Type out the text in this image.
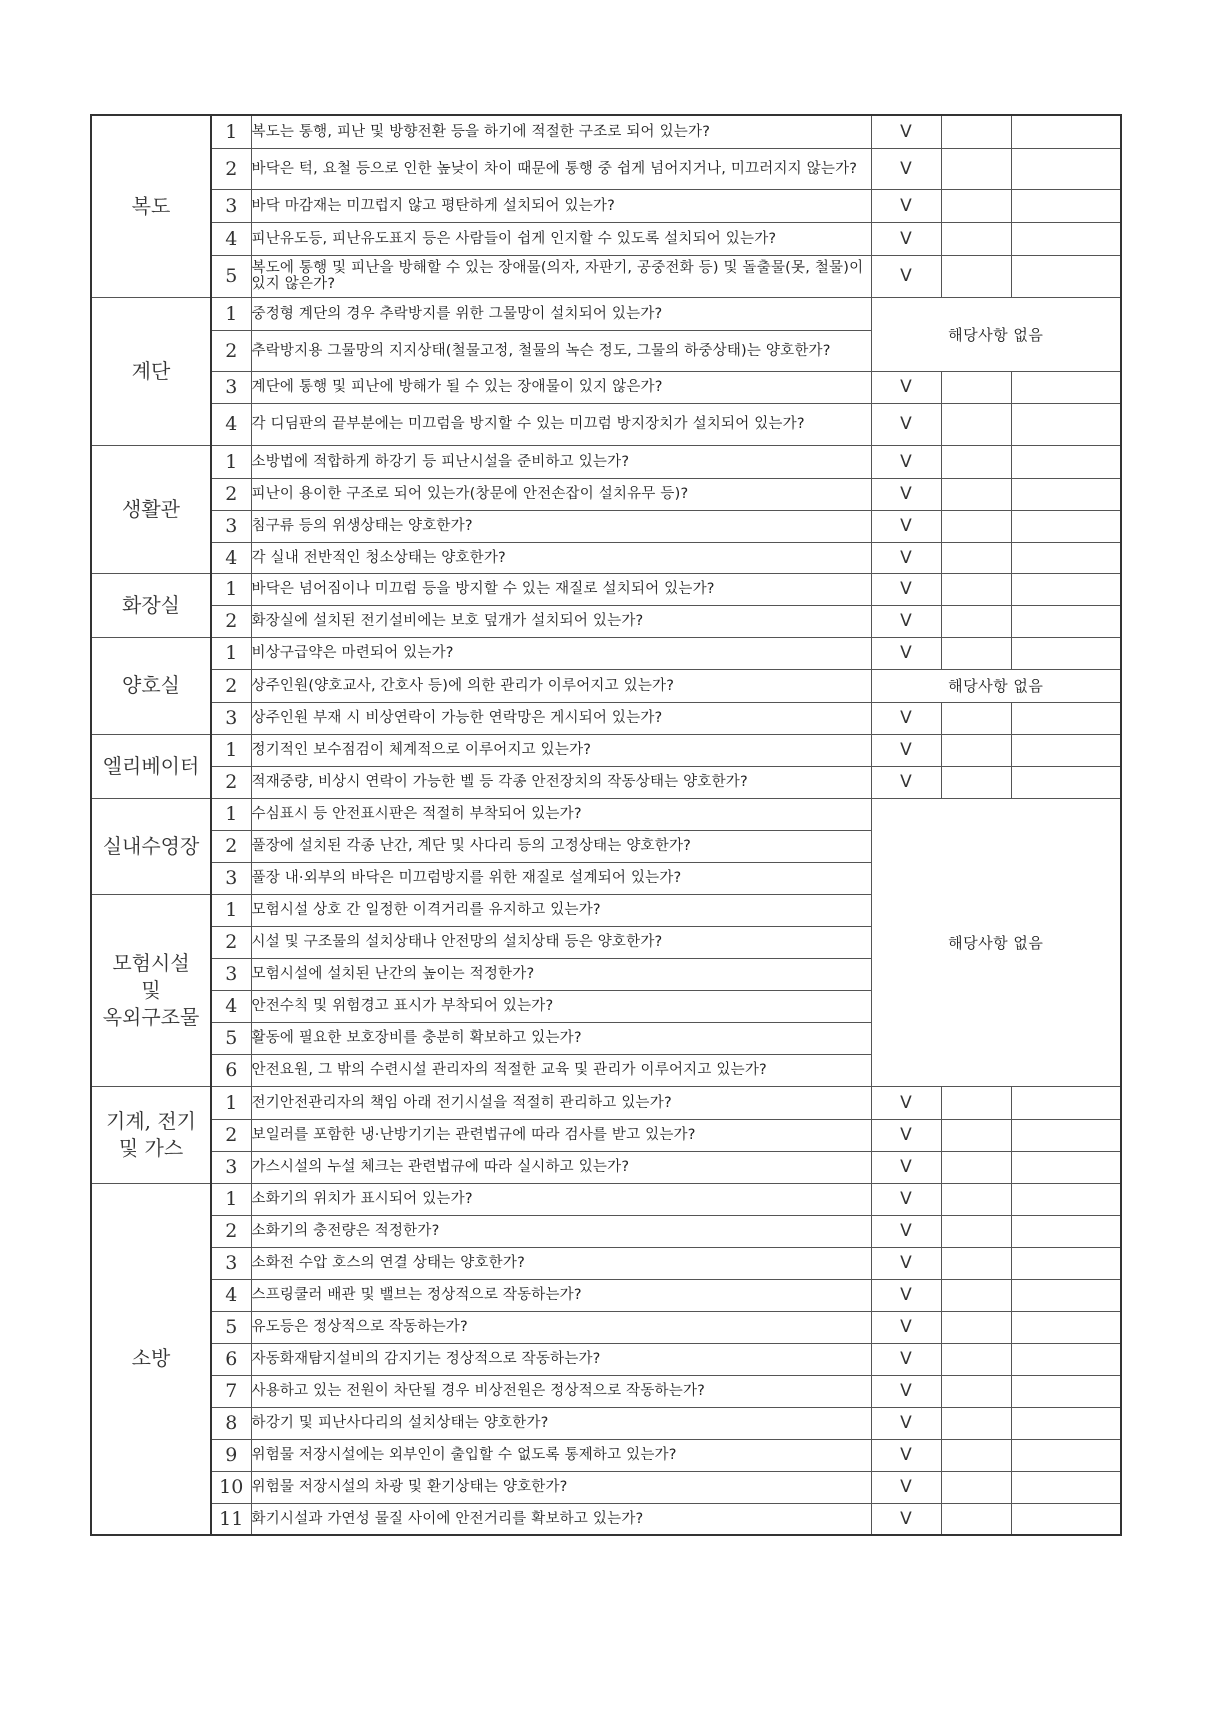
복도	1	복도는 통행, 피난 및 방향전환 등을 하기에 적절한 구조로 되어 있는가?	V		
	2	바닥은 턱, 요철 등으로 인한 높낮이 차이 때문에 통행 중 쉽게 넘어지거나, 미끄러지지 않는가?	V		
	3	바닥 마감재는 미끄럽지 않고 평탄하게 설치되어 있는가?	V		
	4	피난유도등, 피난유도표지 등은 사람들이 쉽게 인지할 수 있도록 설치되어 있는가?	V		
	5	복도에 통행 및 피난을 방해할 수 있는 장애물(의자, 자판기, 공중전화 등) 및 돌출물(못, 철물)이 있지 않은가?	V		
계단	1	중정형 계단의 경우 추락방지를 위한 그물망이 설치되어 있는가?	해당사항 없음		
	2	추락방지용 그물망의 지지상태(철물고정, 철물의 녹슨 정도, 그물의 하중상태)는 양호한가?			
	3	계단에 통행 및 피난에 방해가 될 수 있는 장애물이 있지 않은가?	V		
	4	각 디딤판의 끝부분에는 미끄럼을 방지할 수 있는 미끄럼 방지장치가 설치되어 있는가?	V		
생활관	1	소방법에 적합하게 하강기 등 피난시설을 준비하고 있는가?	V		
	2	피난이 용이한 구조로 되어 있는가(창문에 안전손잡이 설치유무 등)?	V		
	3	침구류 등의 위생상태는 양호한가?	V		
	4	각 실내 전반적인 청소상태는 양호한가?	V		
화장실	1	바닥은 넘어짐이나 미끄럼 등을 방지할 수 있는 재질로 설치되어 있는가?	V		
	2	화장실에 설치된 전기설비에는 보호 덮개가 설치되어 있는가?	V		
양호실	1	비상구급약은 마련되어 있는가?	V		
	2	상주인원(양호교사, 간호사 등)에 의한 관리가 이루어지고 있는가?	해당사항 없음		
	3	상주인원 부재 시 비상연락이 가능한 연락망은 게시되어 있는가?	V		
엘리베이터	1	정기적인 보수점검이 체계적으로 이루어지고 있는가?	V		
	2	적재중량, 비상시 연락이 가능한 벨 등 각종 안전장치의 작동상태는 양호한가?	V		
실내수영장	1	수심표시 등 안전표시판은 적절히 부착되어 있는가?	해당사항 없음		
	2	풀장에 설치된 각종 난간, 계단 및 사다리 등의 고정상태는 양호한가?			
	3	풀장 내·외부의 바닥은 미끄럼방지를 위한 재질로 설계되어 있는가?			
모험시설
및
옥외구조물	1	모험시설 상호 간 일정한 이격거리를 유지하고 있는가?			
	2	시설 및 구조물의 설치상태나 안전망의 설치상태 등은 양호한가?			
	3	모험시설에 설치된 난간의 높이는 적정한가?			
	4	안전수칙 및 위험경고 표시가 부착되어 있는가?			
	5	활동에 필요한 보호장비를 충분히 확보하고 있는가?			
	6	안전요원, 그 밖의 수련시설 관리자의 적절한 교육 및 관리가 이루어지고 있는가?			
기계, 전기
및 가스	1	전기안전관리자의 책임 아래 전기시설을 적절히 관리하고 있는가?	V		
	2	보일러를 포함한 냉·난방기기는 관련법규에 따라 검사를 받고 있는가?	V		
	3	가스시설의 누설 체크는 관련법규에 따라 실시하고 있는가?	V		
소방	1	소화기의 위치가 표시되어 있는가?	V		
	2	소화기의 충전량은 적정한가?	V		
	3	소화전 수압 호스의 연결 상태는 양호한가?	V		
	4	스프링쿨러 배관 및 밸브는 정상적으로 작동하는가?	V		
	5	유도등은 정상적으로 작동하는가?	V		
	6	자동화재탐지설비의 감지기는 정상적으로 작동하는가?	V		
	7	사용하고 있는 전원이 차단될 경우 비상전원은 정상적으로 작동하는가?	V		
	8	하강기 및 피난사다리의 설치상태는 양호한가?	V		
	9	위험물 저장시설에는 외부인이 출입할 수 없도록 통제하고 있는가?	V		
	10	위험물 저장시설의 차광 및 환기상태는 양호한가?	V		
	11	화기시설과 가연성 물질 사이에 안전거리를 확보하고 있는가?	V		
